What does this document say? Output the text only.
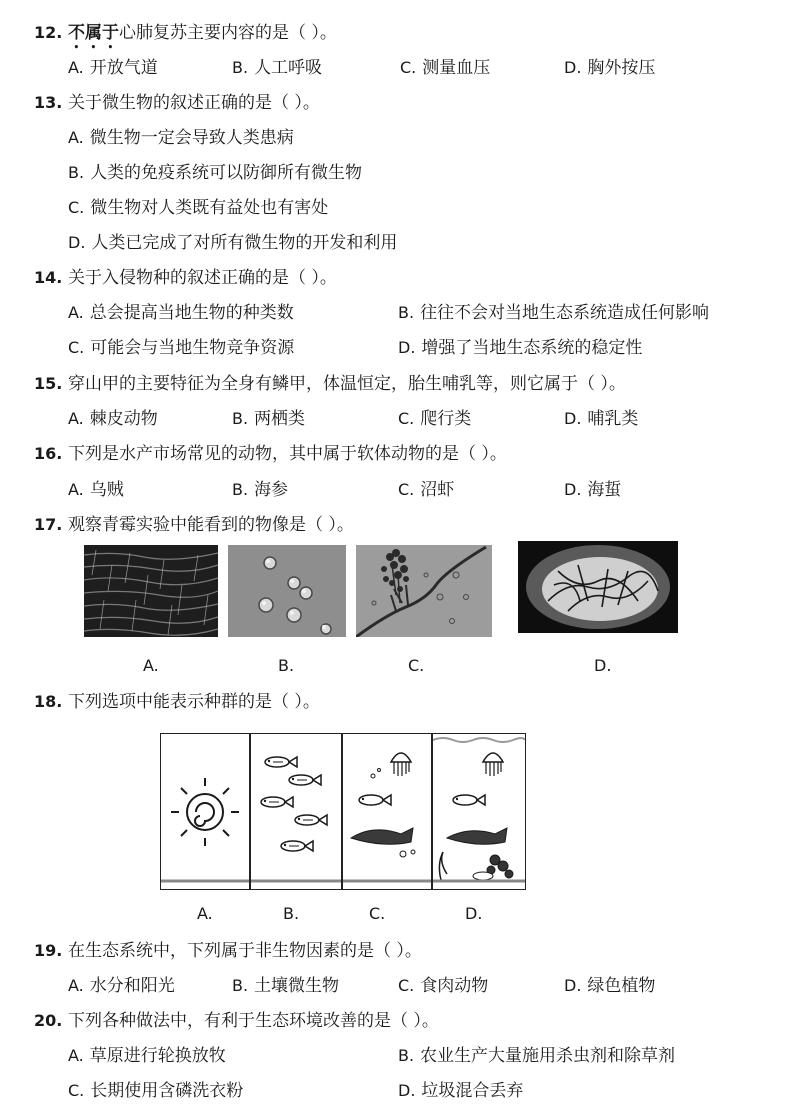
12. 不属于心肺复苏主要内容的是（ ）。
A. 开放气道	B. 人工呼吸	C. 测量血压	D. 胸外按压
13. 关于微生物的叙述正确的是（ ）。
A. 微生物一定会导致人类患病
B. 人类的免疫系统可以防御所有微生物
C. 微生物对人类既有益处也有害处
D. 人类已完成了对所有微生物的开发和利用
14. 关于入侵物种的叙述正确的是（ ）。
A. 总会提高当地生物的种类数	B. 往往不会对当地生态系统造成任何影响
C. 可能会与当地生物竞争资源	D. 增强了当地生态系统的稳定性
15. 穿山甲的主要特征为全身有鳞甲，体温恒定，胎生哺乳等，则它属于（ ）。
A. 棘皮动物	B. 两栖类	C. 爬行类	D. 哺乳类
16. 下列是水产市场常见的动物，其中属于软体动物的是（ ）。
A. 乌贼	B. 海参	C. 沼虾	D. 海蜇
17. 观察青霉实验中能看到的物像是（ ）。
A.	B.	C.	D.
18. 下列选项中能表示种群的是（ ）。
A.	B.	C.	D.
19. 在生态系统中，下列属于非生物因素的是（ ）。
A. 水分和阳光	B. 土壤微生物	C. 食肉动物	D. 绿色植物
20. 下列各种做法中，有利于生态环境改善的是（ ）。
A. 草原进行轮换放牧	B. 农业生产大量施用杀虫剂和除草剂
C. 长期使用含磷洗衣粉	D. 垃圾混合丢弃
